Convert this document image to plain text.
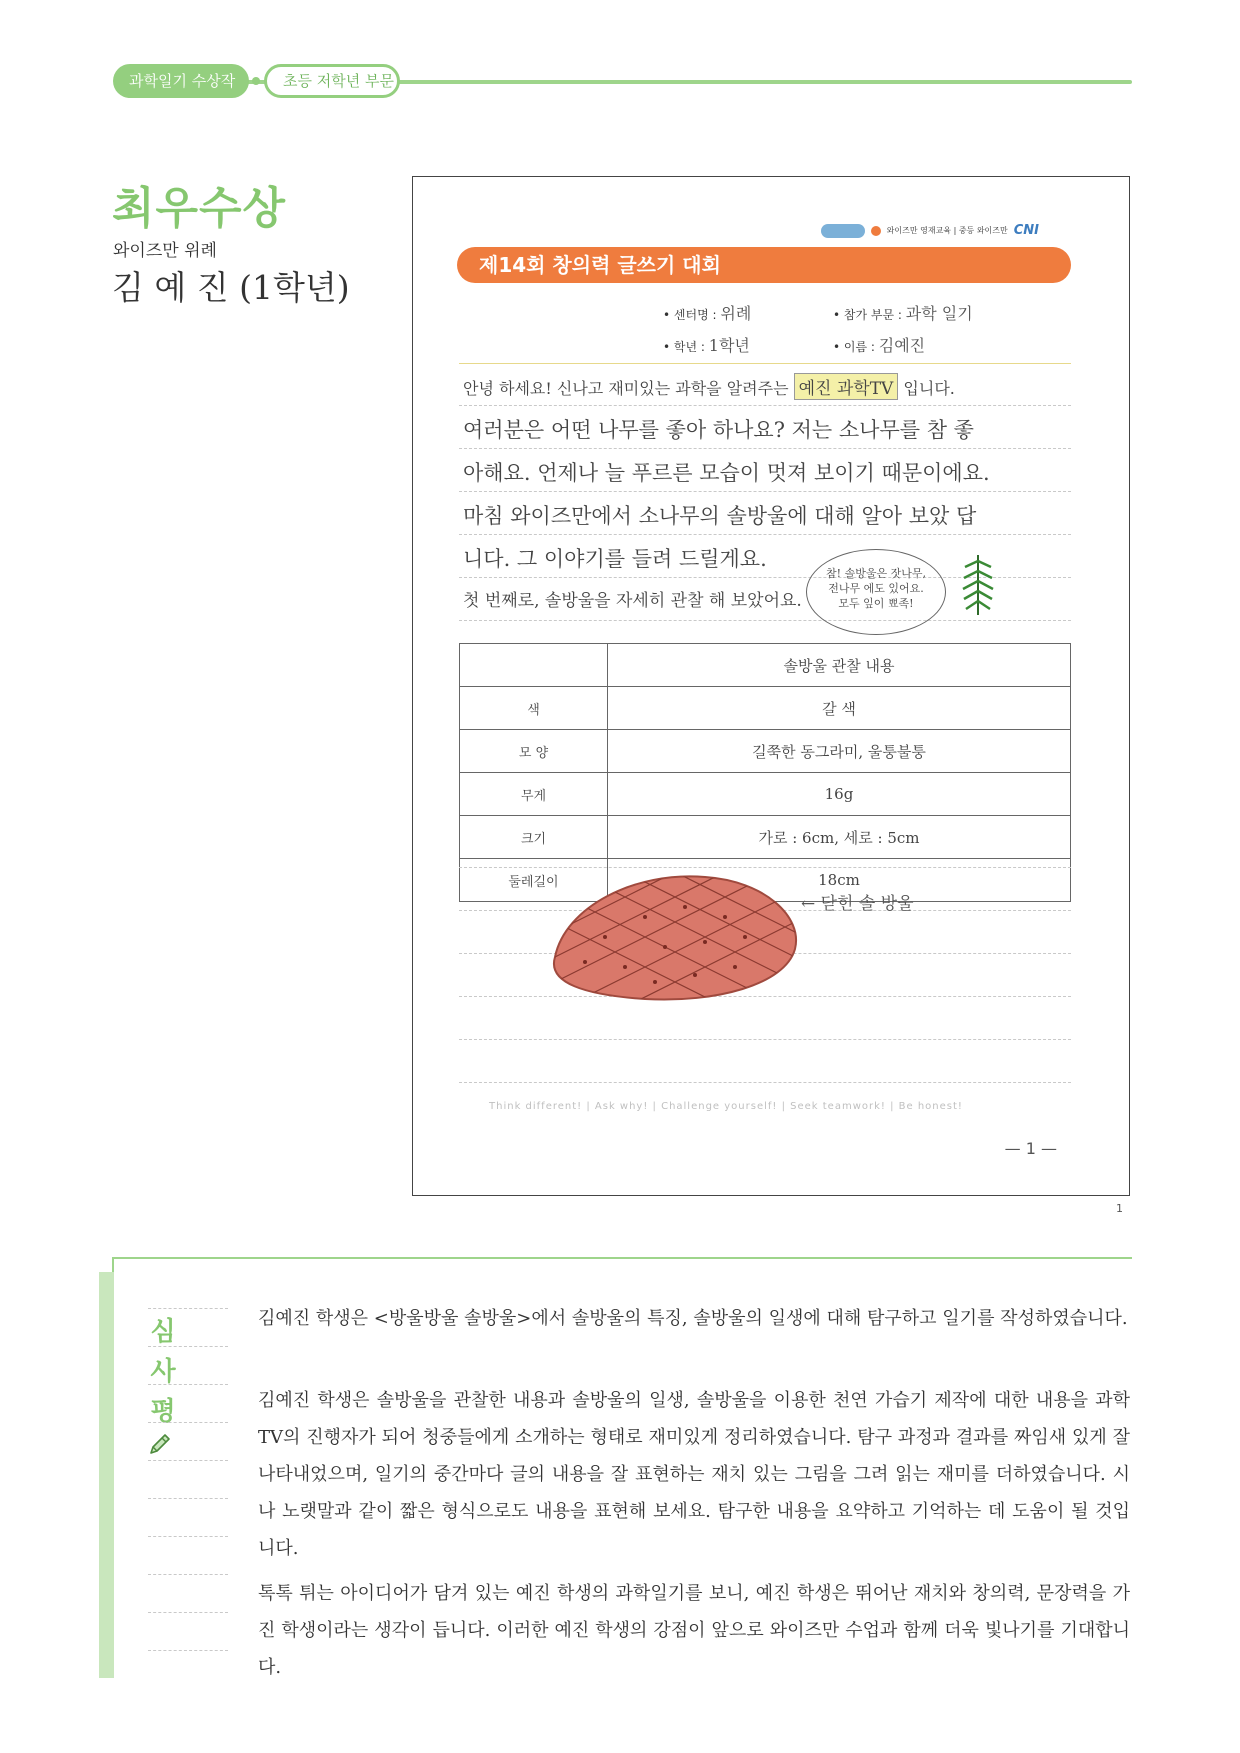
과학일기 수상작	초등 저학년 부문
최우수상
와이즈만 위례
김 예 진 (1학년)
와이즈만 영재교육 | 중등 와이즈만 CNI
제14회 창의력 글쓰기 대회
• 센터명 : 위례	• 참가 부문 : 과학 일기
• 학년 : 1학년	• 이름 : 김예진
안녕 하세요! 신나고 재미있는 과학을 알려주는 예진 과학TV 입니다.
여러분은 어떤 나무를 좋아 하나요? 저는 소나무를 참 좋
아해요. 언제나 늘 푸르른 모습이 멋져 보이기 때문이에요.
마침 와이즈만에서 소나무의 솔방울에 대해 알아 보았 답
니다. 그 이야기를 들려 드릴게요.
첫 번째로, 솔방울을 자세히 관찰 해 보았어요.
참! 솔방울은 잣나무,
전나무 에도 있어요.
모두 잎이 뾰족!
	솔방울 관찰 내용
색	갈 색
모 양	길쭉한 동그라미, 울퉁불퉁
무게	16g
크기	가로 : 6cm, 세로 : 5cm
둘레길이	18cm
← 닫힌 솔 방울
Think different! | Ask why! | Challenge yourself! | Seek teamwork! | Be honest!
— 1 —
1
심
사
평

김예진 학생은 <방울방울 솔방울>에서 솔방울의 특징, 솔방울의 일생에 대해 탐구하고 일기를 작성하였습니다.

김예진 학생은 솔방울을 관찰한 내용과 솔방울의 일생, 솔방울을 이용한 천연 가습기 제작에 대한 내용을 과학 TV의 진행자가 되어 청중들에게 소개하는 형태로 재미있게 정리하였습니다. 탐구 과정과 결과를 짜임새 있게 잘 나타내었으며, 일기의 중간마다 글의 내용을 잘 표현하는 재치 있는 그림을 그려 읽는 재미를 더하였습니다. 시나 노랫말과 같이 짧은 형식으로도 내용을 표현해 보세요. 탐구한 내용을 요약하고 기억하는 데 도움이 될 것입니다.

톡톡 튀는 아이디어가 담겨 있는 예진 학생의 과학일기를 보니, 예진 학생은 뛰어난 재치와 창의력, 문장력을 가진 학생이라는 생각이 듭니다. 이러한 예진 학생의 강점이 앞으로 와이즈만 수업과 함께 더욱 빛나기를 기대합니다.
